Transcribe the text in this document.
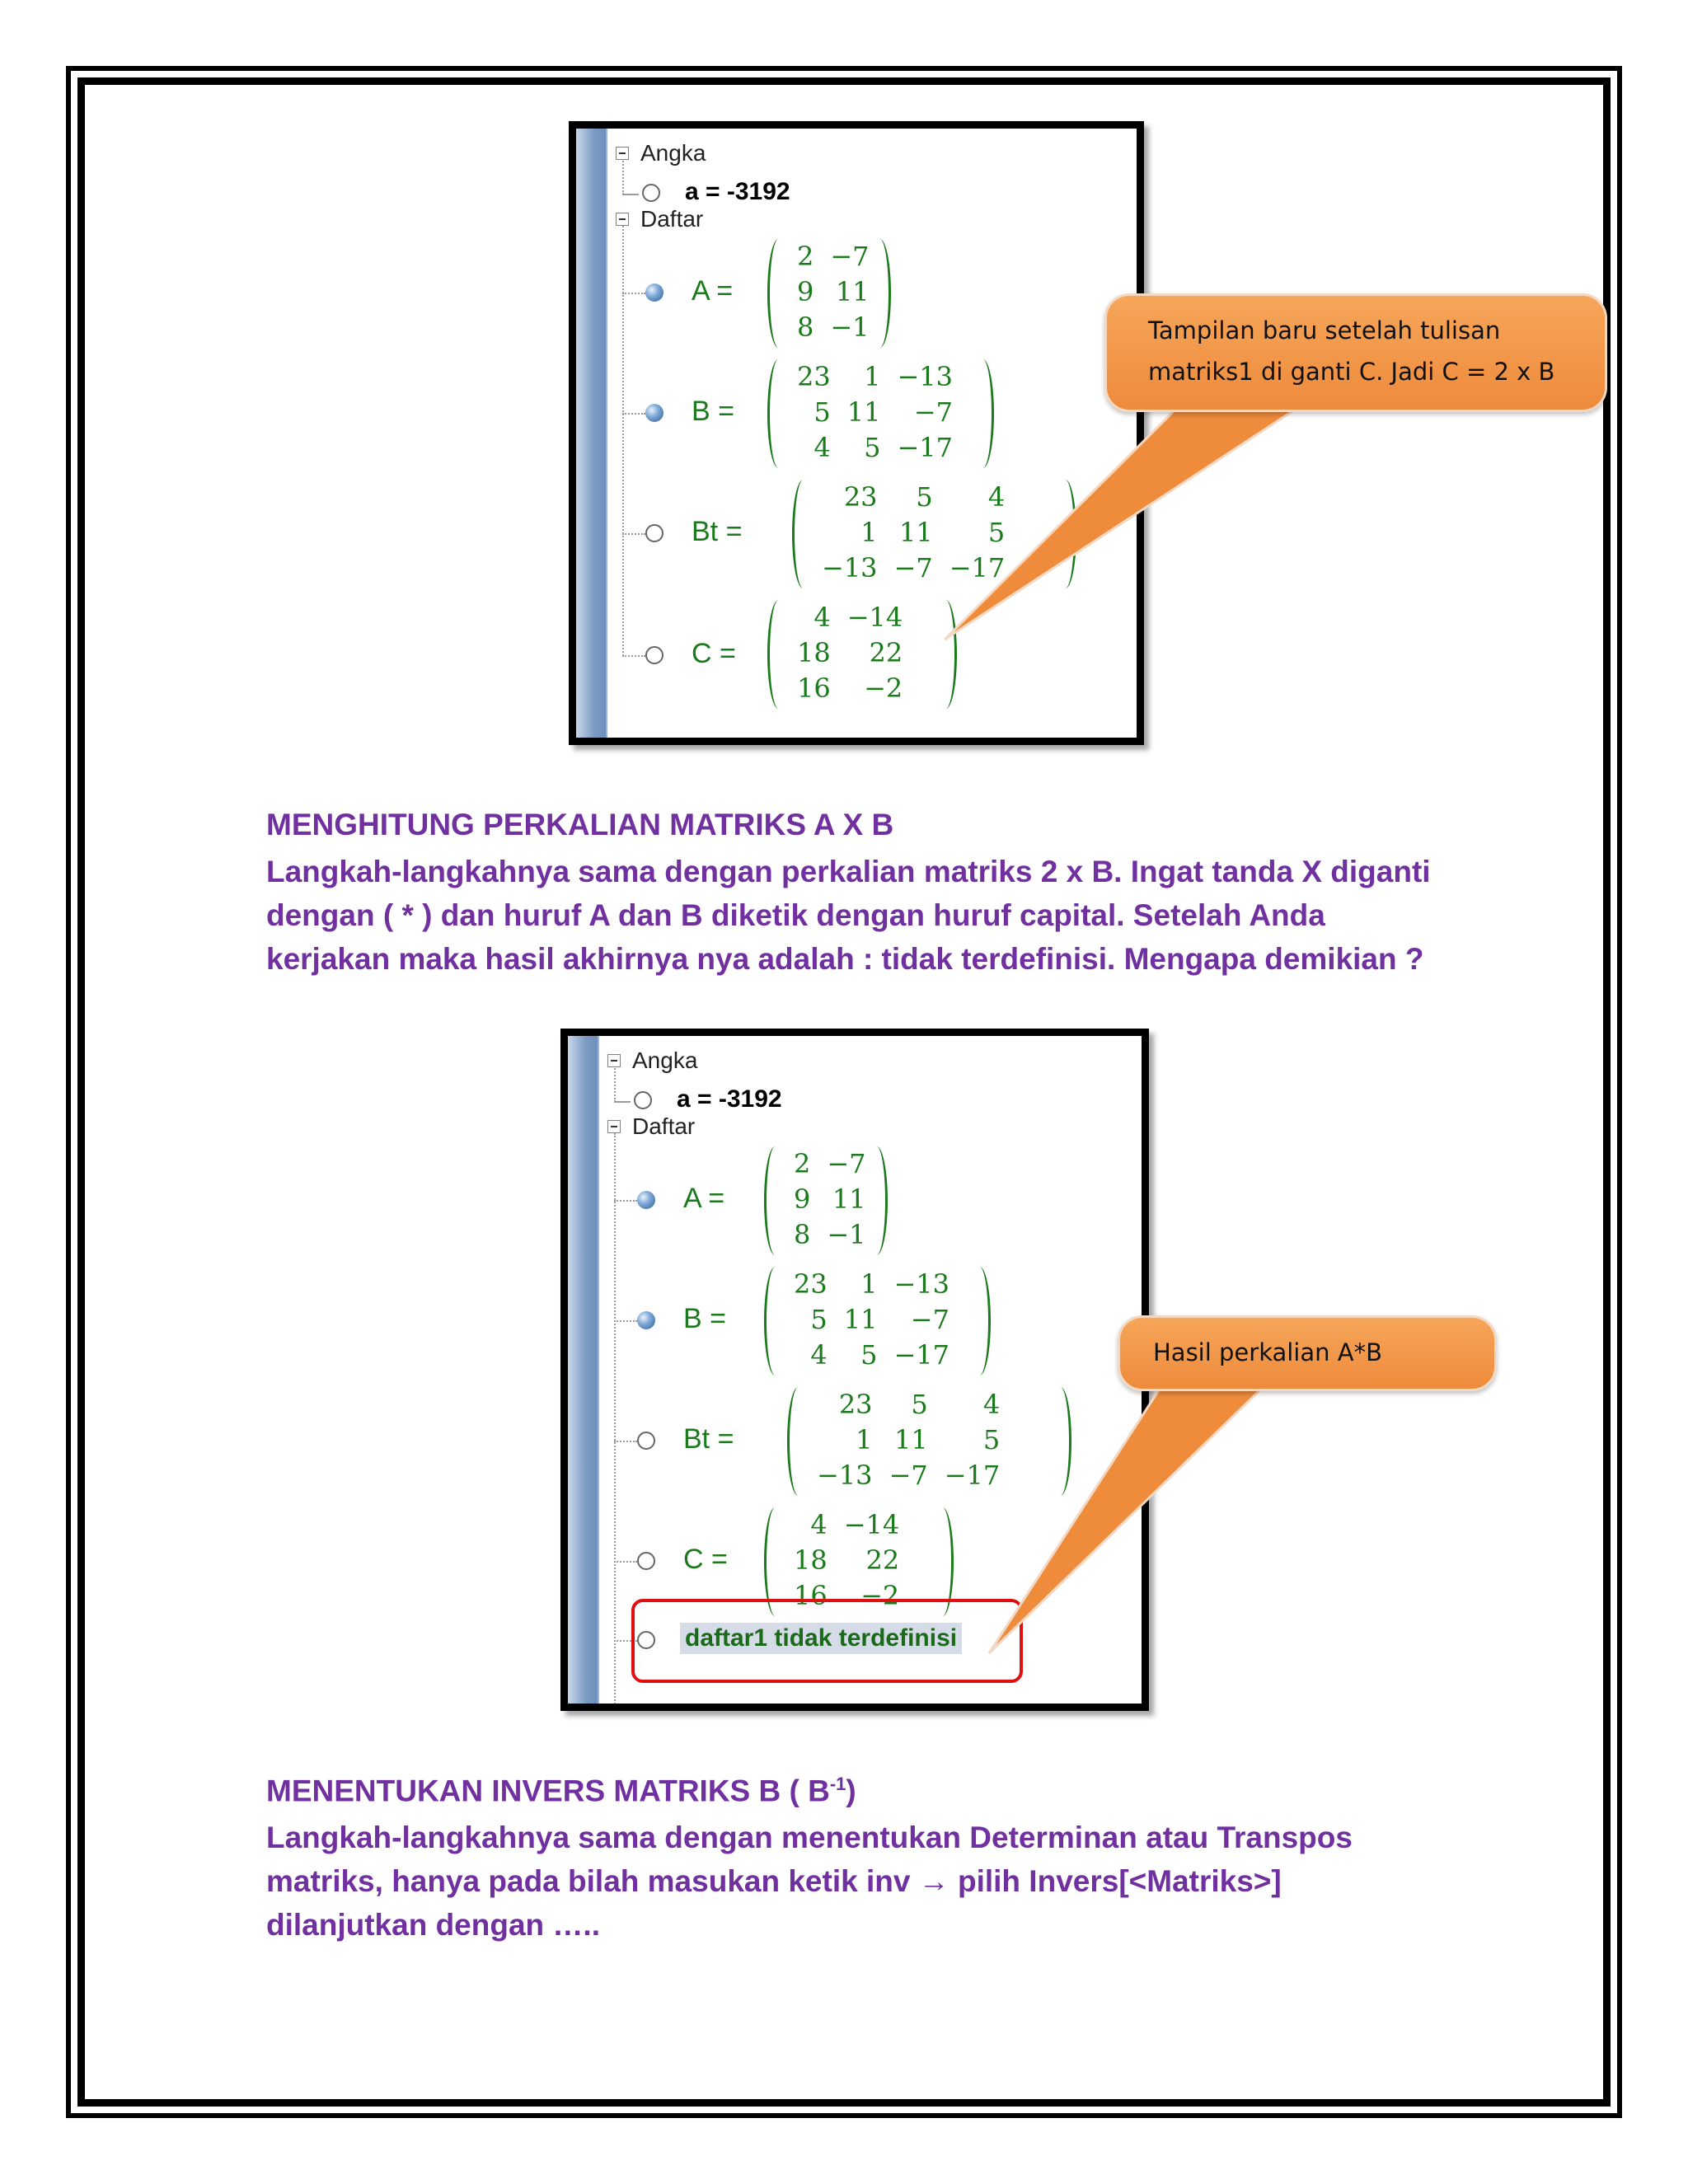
Angka
a = -3192
Daftar
A =
2	−7
9	11
8	−1
B =
23	1	−13
5	11	−7
4	5	−17
Bt =
23	5	4
1	11	5
−13	−7	−17
C =
4	−14
18	22
16	−2
Tampilan baru setelah tulisan
matriks1 di ganti C. Jadi C = 2 x B
MENGHITUNG PERKALIAN MATRIKS A X B
Langkah-langkahnya sama dengan perkalian matriks 2 x B. Ingat tanda X diganti
dengan ( * ) dan huruf A dan B diketik dengan huruf capital. Setelah Anda
kerjakan maka hasil akhirnya nya adalah : tidak terdefinisi. Mengapa demikian ?
Angka
a = -3192
Daftar
A =
2	−7
9	11
8	−1
B =
23	1	−13
5	11	−7
4	5	−17
Bt =
23	5	4
1	11	5
−13	−7	−17
C =
4	−14
18	22
16	−2
daftar1 tidak terdefinisi
Hasil perkalian A*B
MENENTUKAN INVERS MATRIKS B ( $B^{-1}$)
Langkah-langkahnya sama dengan menentukan Determinan atau Transpos
matriks, hanya pada bilah masukan ketik inv → pilih Invers[<Matriks>]
dilanjutkan dengan …..
